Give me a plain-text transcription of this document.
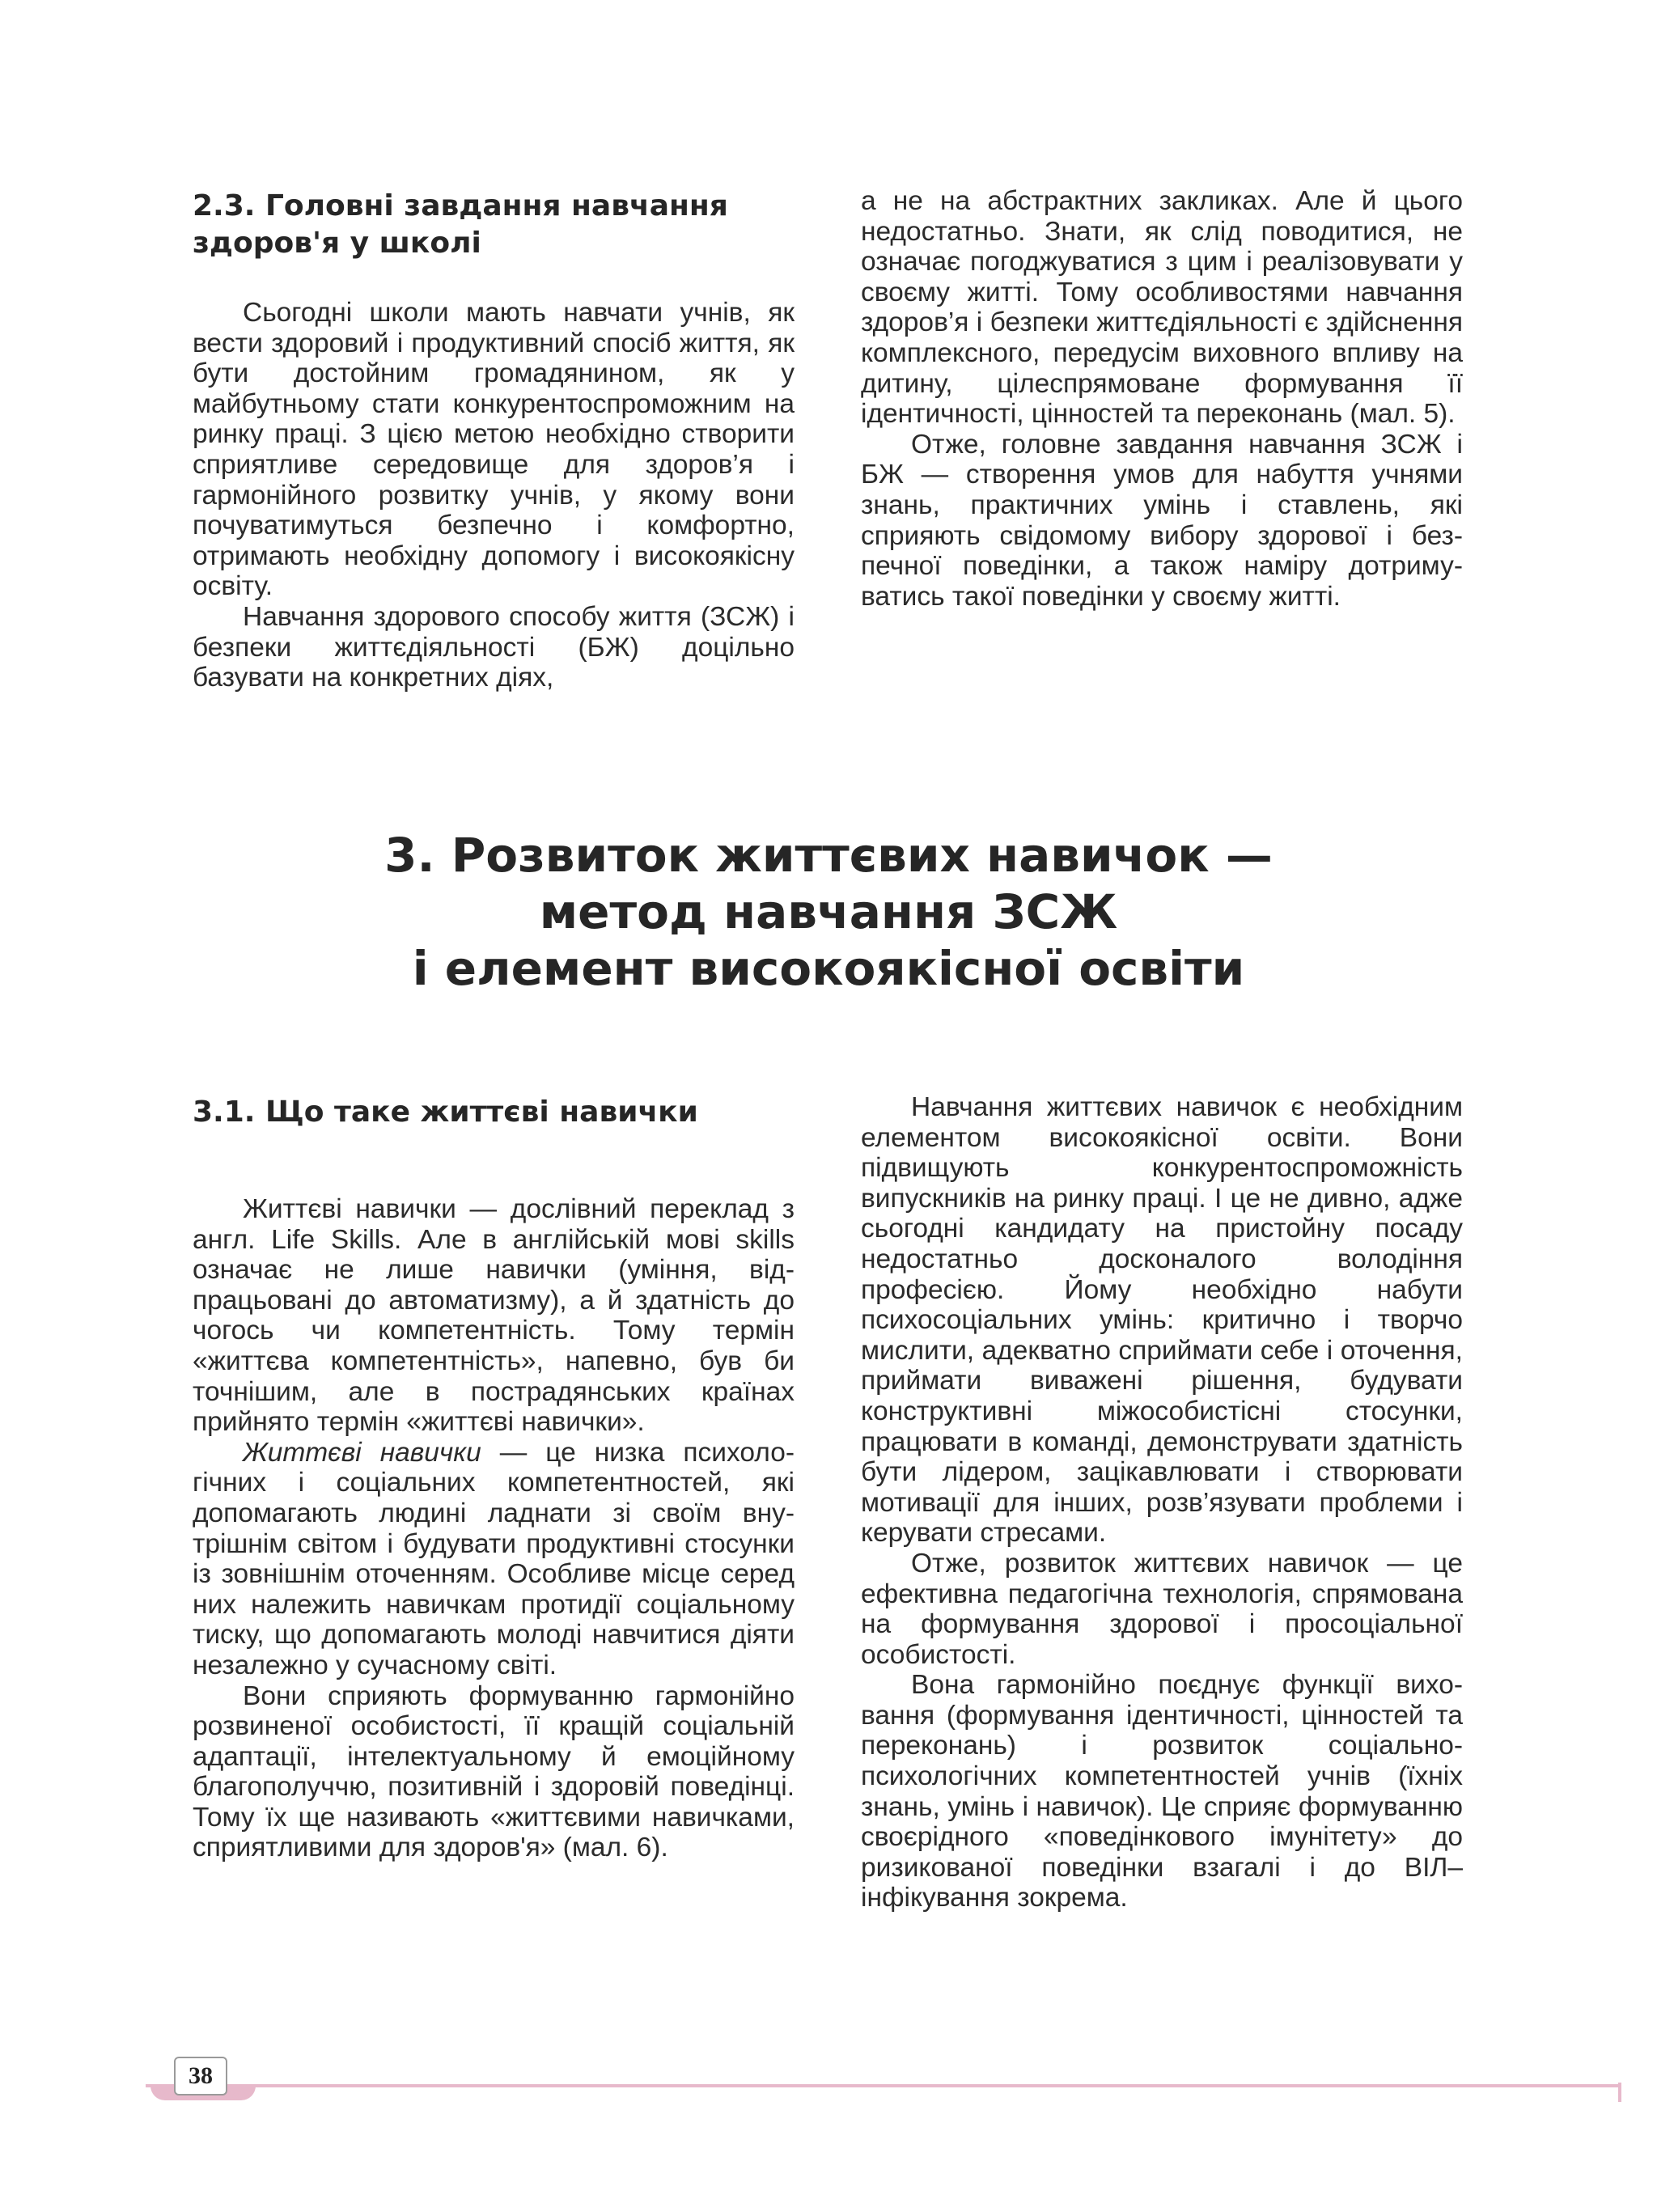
2.3. Головні завдання навчання здоров'я у школі

Сьогодні школи мають навчати учнів, як вести здоровий і продуктивний спосіб життя, як бути достойним громадянином, як у майбутньому стати конкурентоспроможним на ринку праці. З цією метою необхідно створити сприятливе середовище для здоров’я і гармонійного розвитку учнів, у якому вони почуватимуться безпечно і комфортно, отримають необхідну допомогу і високоякісну освіту.

Навчання здорового способу життя (ЗСЖ) і безпеки життєдіяльності (БЖ) доцільно базувати на конкретних діях,

а не на абстрактних закликах. Але й цього недостатньо. Знати, як слід поводитися, не означає погоджуватися з цим і реалізовувати у своєму житті. Тому особливостями навчання здоров’я і безпеки життєдіяльності є здійснення комплексного, передусім виховного впливу на дитину, цілеспрямоване формування її ідентичності, цінностей та переконань (мал. 5).

Отже, головне завдання навчання ЗСЖ і БЖ — створення умов для набуття учнями знань, практичних умінь і ставлень, які сприяють свідомому вибору здорової і безпечної поведінки, а також наміру дотримуватись такої поведінки у своєму житті.

3. Розвиток життєвих навичок —
метод навчання ЗСЖ
і елемент високоякісної освіти
3.1. Що таке життєві навички

Життєві навички — дослівний переклад з англ. Life Skills. Але в англійській мові skills означає не лише навички (уміння, відпрацьовані до автоматизму), а й здатність до чогось чи компетентність. Тому термін «життєва компетентність», напевно, був би точнішим, але в пострадянських країнах прийнято термін «життєві навички».

Життєві навички — це низка психологічних і соціальних компетентностей, які допомагають людині ладнати зі своїм внутрішнім світом і будувати продуктивні стосунки із зовнішнім оточенням. Особливе місце серед них належить навичкам протидії соціальному тиску, що допомагають молоді навчитися діяти незалежно у сучасному світі.

Вони сприяють формуванню гармонійно розвиненої особистості, її кращій соціальній адаптації, інтелектуальному й емоційному благополуччю, позитивній і здоровій поведінці. Тому їх ще називають «життєвими навичками, сприятливими для здоров'я» (мал. 6).

Навчання життєвих навичок є необхідним елементом високоякісної освіти. Вони підвищують конкурентоспроможність випускників на ринку праці. І це не дивно, адже сьогодні кандидату на пристойну посаду недостатньо досконалого володіння професією. Йому необхідно набути психосоціальних умінь: критично і творчо мислити, адекватно сприймати себе і оточення, приймати виважені рішення, будувати конструктивні міжособистісні стосунки, працювати в команді, демонструвати здатність бути лідером, зацікавлювати і створювати мотивації для інших, розв’язувати проблеми і керувати стресами.

Отже, розвиток життєвих навичок — це ефективна педагогічна технологія, спрямована на формування здорової і просоціальної особистості.

Вона гармонійно поєднує функції виховання (формування ідентичності, цінностей та переконань) і розвиток соціально-психологічних компетентностей учнів (їхніх знань, умінь і навичок). Це сприяє формуванню своєрідного «поведінкового імунітету» до ризикованої поведінки взагалі і до ВІЛ–інфікування зокрема.

38
